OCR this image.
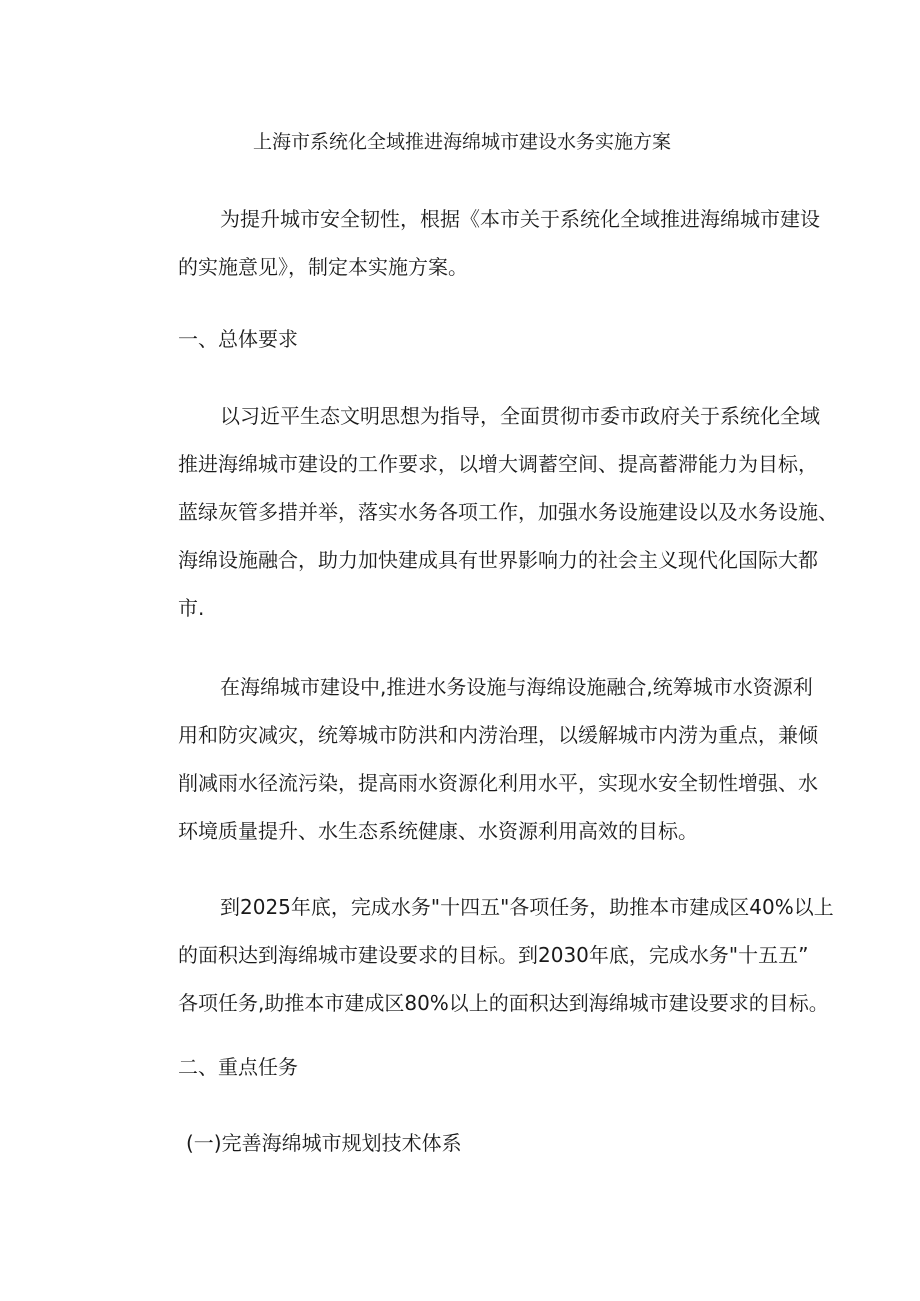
上海市系统化全域推进海绵城市建设水务实施方案
为提升城市安全韧性，根据《本市关于系统化全域推进海绵城市建设
的实施意见》，制定本实施方案。
一、总体要求
以习近平生态文明思想为指导，全面贯彻市委市政府关于系统化全域
推进海绵城市建设的工作要求，以增大调蓄空间、提高蓄滞能力为目标，
蓝绿灰管多措并举，落实水务各项工作，加强水务设施建设以及水务设施、
海绵设施融合，助力加快建成具有世界影响力的社会主义现代化国际大都
市.
在海绵城市建设中,推进水务设施与海绵设施融合,统筹城市水资源利
用和防灾减灾，统筹城市防洪和内涝治理，以缓解城市内涝为重点，兼倾
削减雨水径流污染，提高雨水资源化利用水平，实现水安全韧性增强、水
环境质量提升、水生态系统健康、水资源利用高效的目标。
到2025年底，完成水务"十四五"各项任务，助推本市建成区40%以上
的面积达到海绵城市建设要求的目标。到2030年底，完成水务"十五五”
各项任务,助推本市建成区80%以上的面积达到海绵城市建设要求的目标。
二、重点任务
(一)完善海绵城市规划技术体系
